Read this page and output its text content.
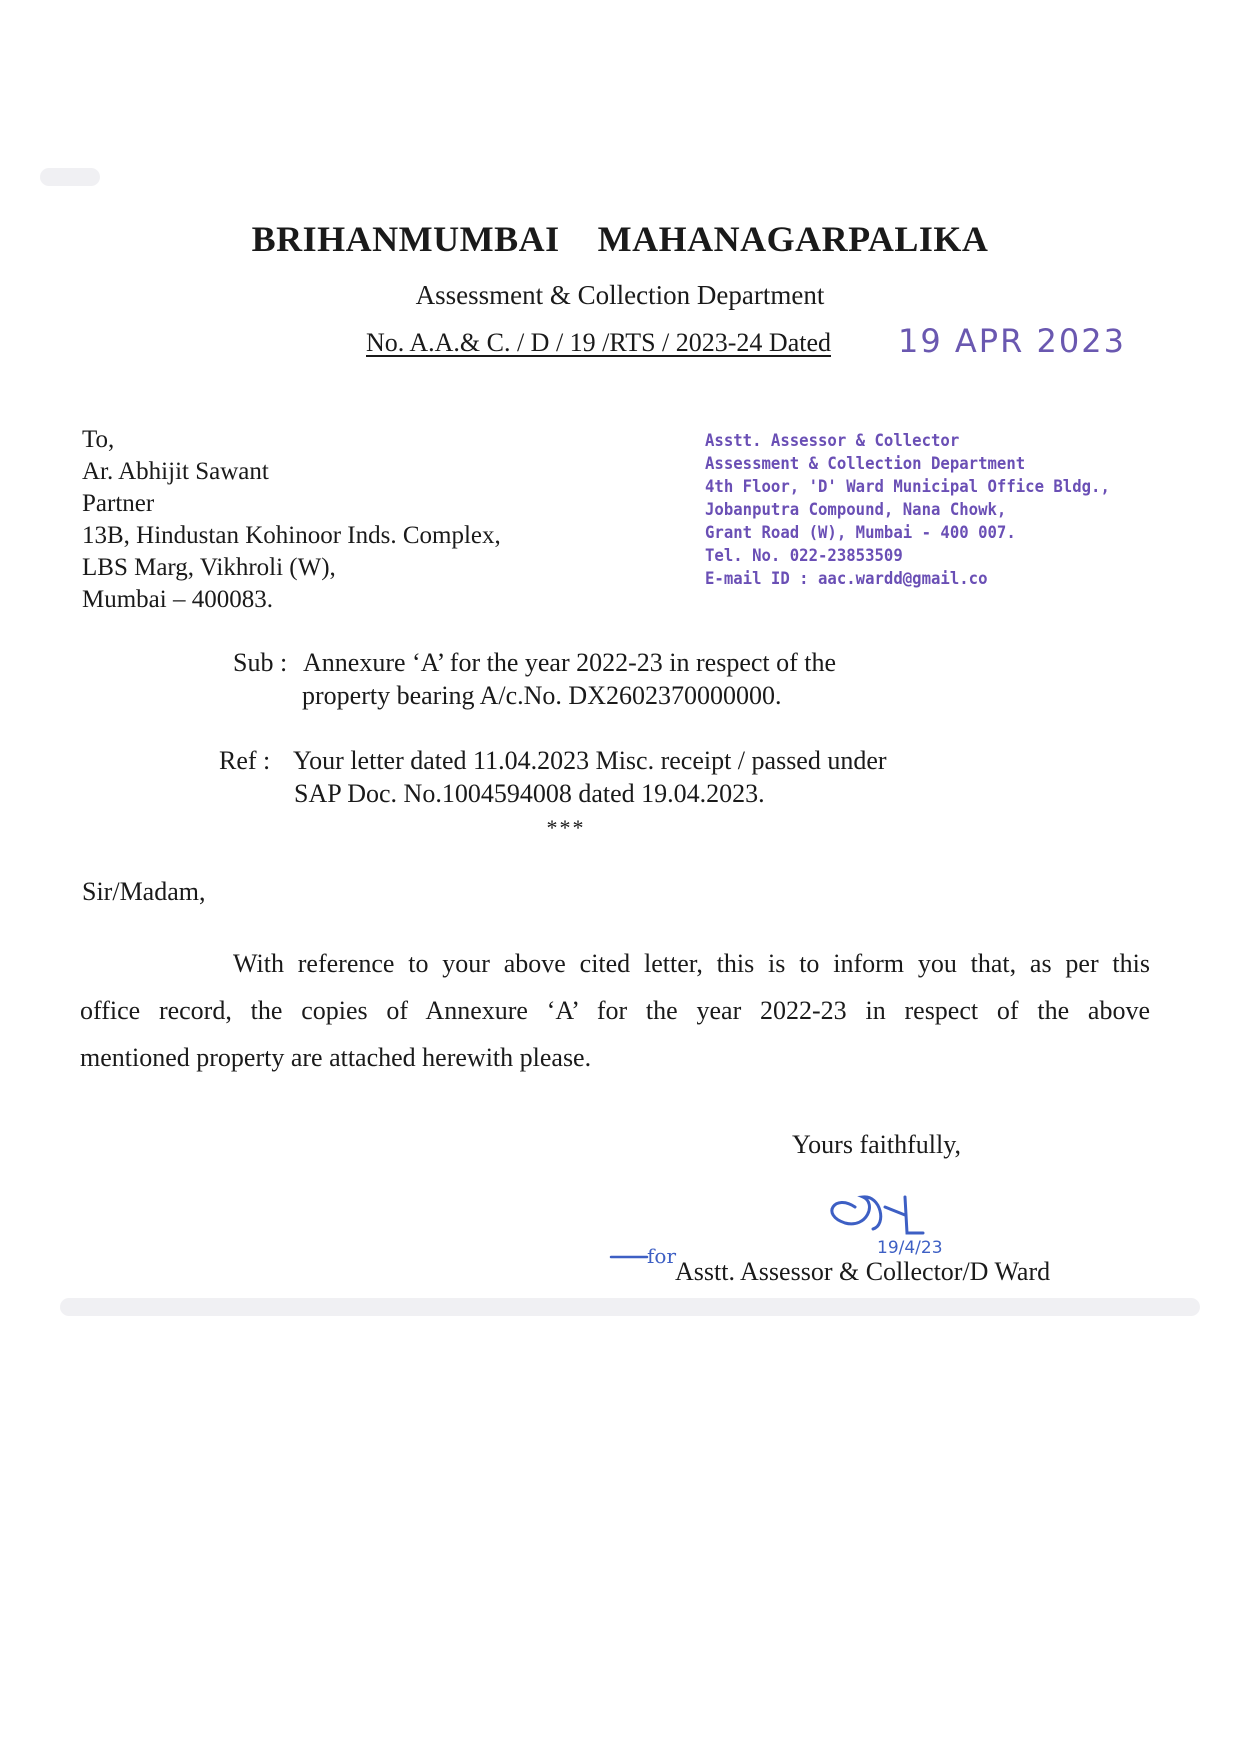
BRIHANMUMBAI MAHANAGARPALIKA
Assessment & Collection Department
No. A.A.& C. / D / 19 /RTS / 2023-24 Dated 19 APR 2023
To,
Ar. Abhijit Sawant
Partner
13B, Hindustan Kohinoor Inds. Complex,
LBS Marg, Vikhroli (W),
Mumbai – 400083.
Asstt. Assessor & Collector
Assessment & Collection Department
4th Floor, 'D' Ward Municipal Office Bldg.,
Jobanputra Compound, Nana Chowk,
Grant Road (W), Mumbai - 400 007.
Tel. No. 022-23853509
E-mail ID : aac.wardd@gmail.co
Sub : Annexure ‘A’ for the year 2022-23 in respect of the
property bearing A/c.No. DX2602370000000.
Ref : Your letter dated 11.04.2023 Misc. receipt / passed under
SAP Doc. No.1004594008 dated 19.04.2023.
***
Sir/Madam,
With reference to your above cited letter, this is to inform you that, as per this
office record, the copies of Annexure ‘A’ for the year 2022-23 in respect of the above
mentioned property are attached herewith please.
Yours faithfully,
19/4/23
for
Asstt. Assessor & Collector/D Ward
